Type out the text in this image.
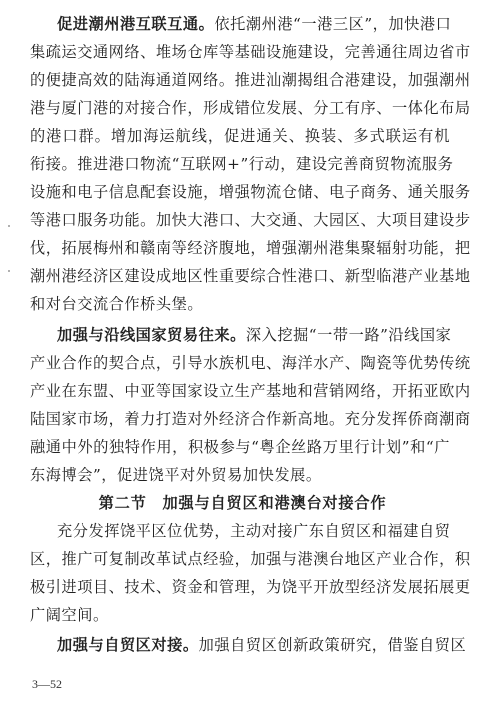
促进潮州港互联互通。依托潮州港“一港三区”，加快港口
集疏运交通网络、堆场仓库等基础设施建设，完善通往周边省市
的便捷高效的陆海通道网络。推进汕潮揭组合港建设，加强潮州
港与厦门港的对接合作，形成错位发展、分工有序、一体化布局
的港口群。增加海运航线，促进通关、换装、多式联运有机
衔接。推进港口物流“互联网+”行动，建设完善商贸物流服务
设施和电子信息配套设施，增强物流仓储、电子商务、通关服务
等港口服务功能。加快大港口、大交通、大园区、大项目建设步
伐，拓展梅州和赣南等经济腹地，增强潮州港集聚辐射功能，把
潮州港经济区建设成地区性重要综合性港口、新型临港产业基地
和对台交流合作桥头堡。
加强与沿线国家贸易往来。深入挖掘“一带一路”沿线国家
产业合作的契合点，引导水族机电、海洋水产、陶瓷等优势传统
产业在东盟、中亚等国家设立生产基地和营销网络，开拓亚欧内
陆国家市场，着力打造对外经济合作新高地。充分发挥侨商潮商
融通中外的独特作用，积极参与“粤企丝路万里行计划”和“广
东海博会”，促进饶平对外贸易加快发展。
第二节　加强与自贸区和港澳台对接合作
充分发挥饶平区位优势，主动对接广东自贸区和福建自贸
区，推广可复制改革试点经验，加强与港澳台地区产业合作，积
极引进项目、技术、资金和管理，为饶平开放型经济发展拓展更
广阔空间。
加强与自贸区对接。加强自贸区创新政策研究，借鉴自贸区
3—52
